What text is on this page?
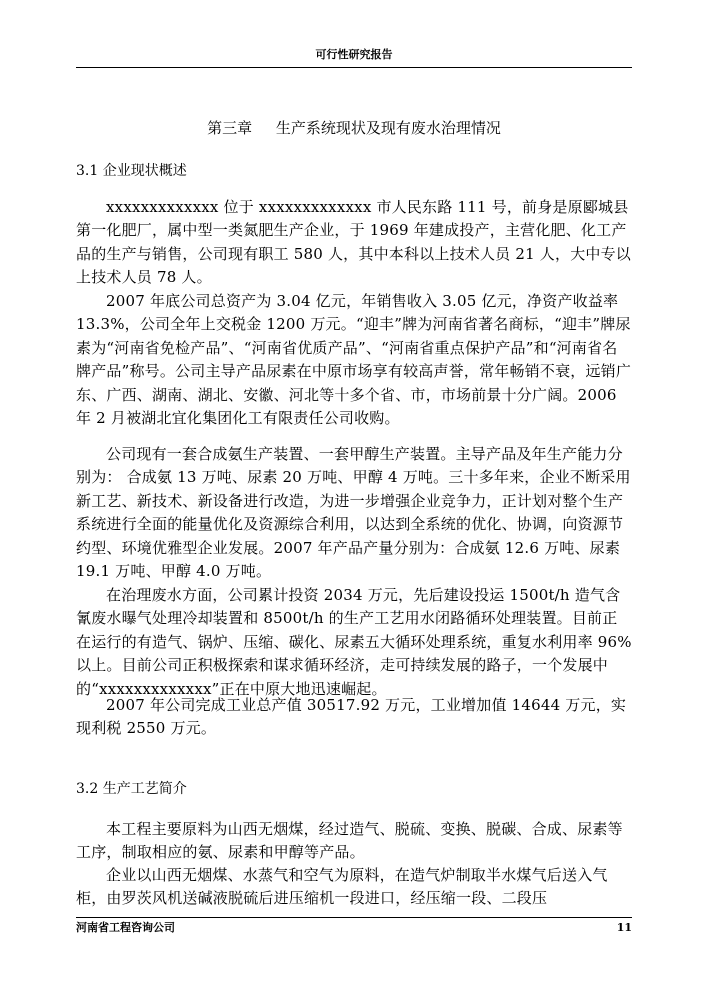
可行性研究报告
第三章     生产系统现状及现有废水治理情况
3.1 企业现状概述

xxxxxxxxxxxxx 位于 xxxxxxxxxxxxx 市人民东路 111 号，前身是原郾城县第一化肥厂，属中型一类氮肥生产企业，于 1969 年建成投产，主营化肥、化工产品的生产与销售，公司现有职工 580 人，其中本科以上技术人员 21 人，大中专以上技术人员 78 人。

2007 年底公司总资产为 3.04 亿元，年销售收入 3.05 亿元，净资产收益率 13.3%，公司全年上交税金 1200 万元。“迎丰”牌为河南省著名商标，“迎丰”牌尿素为“河南省免检产品”、“河南省优质产品”、“河南省重点保护产品”和“河南省名牌产品”称号。公司主导产品尿素在中原市场享有较高声誉，常年畅销不衰，远销广东、广西、湖南、湖北、安徽、河北等十多个省、市，市场前景十分广阔。2006 年 2 月被湖北宜化集团化工有限责任公司收购。

公司现有一套合成氨生产装置、一套甲醇生产装置。主导产品及年生产能力分别为： 合成氨 13 万吨、尿素 20 万吨、甲醇 4 万吨。三十多年来，企业不断采用新工艺、新技术、新设备进行改造，为进一步增强企业竞争力，正计划对整个生产系统进行全面的能量优化及资源综合利用，以达到全系统的优化、协调，向资源节约型、环境优雅型企业发展。2007 年产品产量分别为：合成氨 12.6 万吨、尿素 19.1 万吨、甲醇 4.0 万吨。

在治理废水方面，公司累计投资 2034 万元，先后建设投运 1500t/h 造气含氰废水曝气处理冷却装置和 8500t/h 的生产工艺用水闭路循环处理装置。目前正在运行的有造气、锅炉、压缩、碳化、尿素五大循环处理系统，重复水利用率 96%以上。目前公司正积极探索和谋求循环经济，走可持续发展的路子，一个发展中的“xxxxxxxxxxxxx”正在中原大地迅速崛起。

2007 年公司完成工业总产值 30517.92 万元，工业增加值 14644 万元，实现利税 2550 万元。

3.2 生产工艺简介

本工程主要原料为山西无烟煤，经过造气、脱硫、变换、脱碳、合成、尿素等工序，制取相应的氨、尿素和甲醇等产品。

企业以山西无烟煤、水蒸气和空气为原料，在造气炉制取半水煤气后送入气柜，由罗茨风机送碱液脱硫后进压缩机一段进口，经压缩一段、二段压

河南省工程咨询公司	11
